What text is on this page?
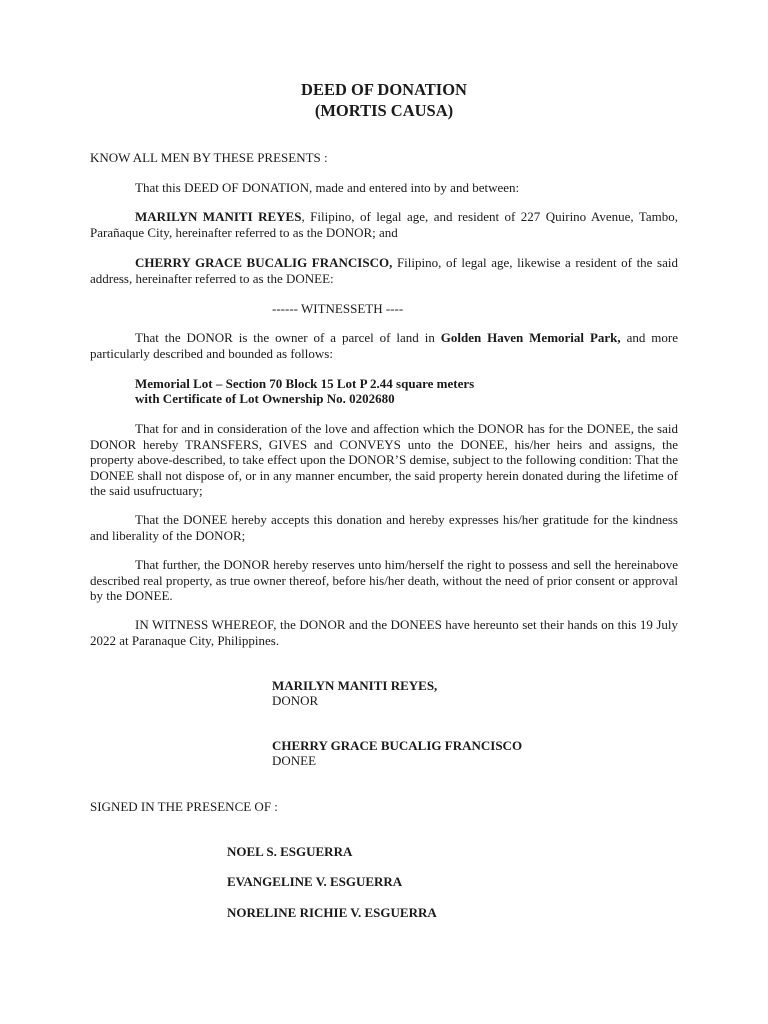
DEED OF DONATION
(MORTIS CAUSA)
KNOW ALL MEN BY THESE PRESENTS :
That this DEED OF DONATION, made and entered into by and between:
MARILYN MANITI REYES, Filipino, of legal age, and resident of 227 Quirino Avenue, Tambo, Parañaque City, hereinafter referred to as the DONOR; and
CHERRY GRACE BUCALIG FRANCISCO, Filipino, of legal age, likewise a resident of the said address, hereinafter referred to as the DONEE:
------ WITNESSETH ----
That the DONOR is the owner of a parcel of land in Golden Haven Memorial Park, and more particularly described and bounded as follows:
Memorial Lot – Section 70 Block 15 Lot P 2.44 square meters
with Certificate of Lot Ownership No. 0202680
That for and in consideration of the love and affection which the DONOR has for the DONEE, the said DONOR hereby TRANSFERS, GIVES and CONVEYS unto the DONEE, his/her heirs and assigns, the property above-described, to take effect upon the DONOR’S demise, subject to the following condition: That the DONEE shall not dispose of, or in any manner encumber, the said property herein donated during the lifetime of the said usufructuary;
That the DONEE hereby accepts this donation and hereby expresses his/her gratitude for the kindness and liberality of the DONOR;
That further, the DONOR hereby reserves unto him/herself the right to possess and sell the hereinabove described real property, as true owner thereof, before his/her death, without the need of prior consent or approval by the DONEE.
IN WITNESS WHEREOF, the DONOR and the DONEES have hereunto set their hands on this 19 July 2022 at Paranaque City, Philippines.
MARILYN MANITI REYES,
DONOR
CHERRY GRACE BUCALIG FRANCISCO
DONEE
SIGNED IN THE PRESENCE OF :
NOEL S. ESGUERRA
EVANGELINE V. ESGUERRA
NORELINE RICHIE V. ESGUERRA
